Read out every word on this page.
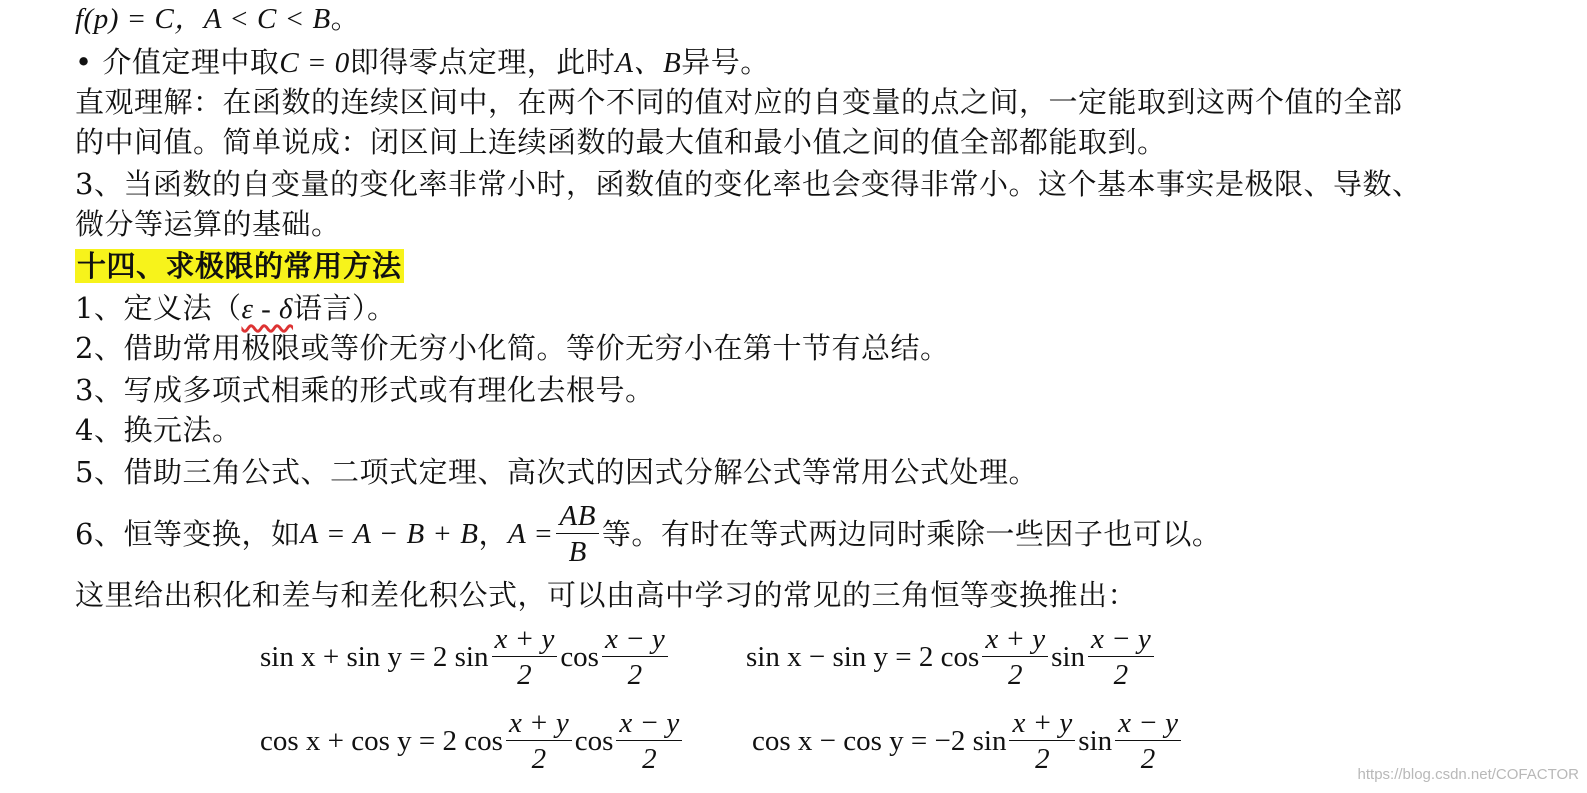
f(p) = C，A < C < B。
• 介值定理中取C = 0即得零点定理，此时A、B异号。
直观理解：在函数的连续区间中，在两个不同的值对应的自变量的点之间，一定能取到这两个值的全部
的中间值。简单说成：闭区间上连续函数的最大值和最小值之间的值全部都能取到。
3、当函数的自变量的变化率非常小时，函数值的变化率也会变得非常小。这个基本事实是极限、导数、
微分等运算的基础。
十四、求极限的常用方法
1、定义法（ε - δ语言）。
2、借助常用极限或等价无穷小化简。等价无穷小在第十节有总结。
3、写成多项式相乘的形式或有理化去根号。
4、换元法。
5、借助三角公式、二项式定理、高次式的因式分解公式等常用公式处理。
6、恒等变换，如 A = A − B + B ， $A = \frac{AB}{B}$ 等。有时在等式两边同时乘除一些因子也可以。
这里给出积化和差与和差化积公式，可以由高中学习的常见的三角恒等变换推出：
sin x + sin y = 2 $\sin \frac{x + y}{2}$ $\cos \frac{x - y}{2}$	sin x − sin y = 2 $\cos \frac{x + y}{2}$ $\sin \frac{x - y}{2}$
cos x + cos y = 2 $\cos \frac{x + y}{2}$ $\cos \frac{x - y}{2}$ cos x − cos y = −2 $\sin \frac{x + y}{2}$ $\sin \frac{x - y}{2}$	https://blog.csdn.net/COFACTOR
